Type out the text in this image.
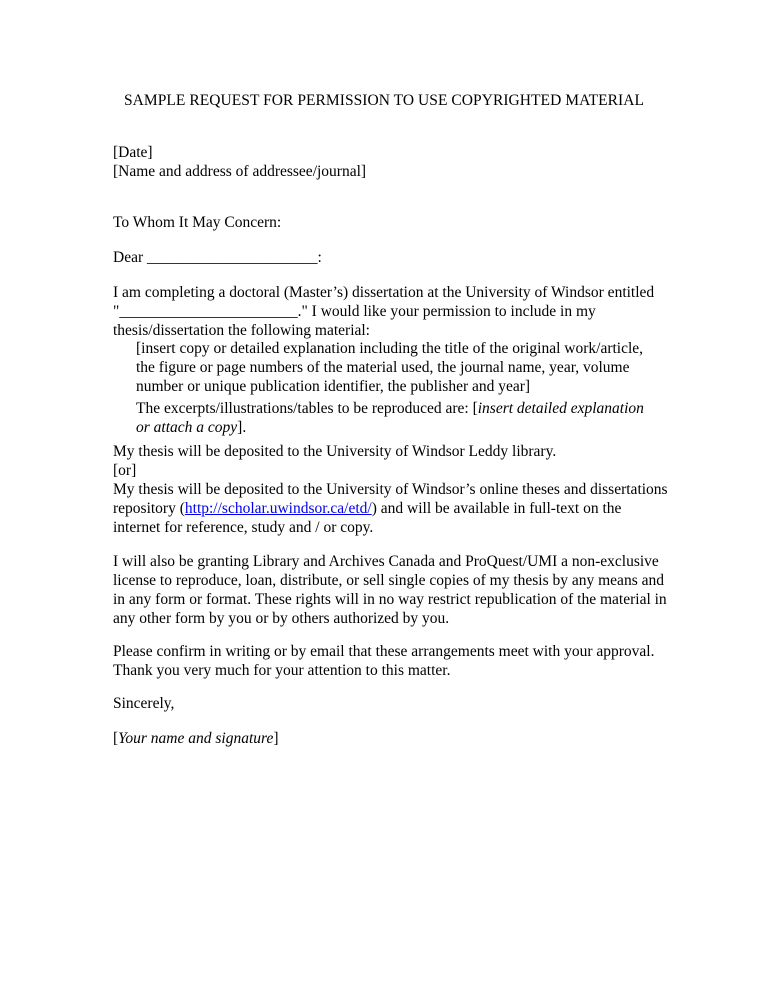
SAMPLE REQUEST FOR PERMISSION TO USE COPYRIGHTED MATERIAL
[Date]
[Name and address of addressee/journal]
To Whom It May Concern:
Dear ______________________:
I am completing a doctoral (Master’s) dissertation at the University of Windsor entitled
"_______________________." I would like your permission to include in my
thesis/dissertation the following material:
[insert copy or detailed explanation including the title of the original work/article,
the figure or page numbers of the material used, the journal name, year, volume
number or unique publication identifier, the publisher and year]
The excerpts/illustrations/tables to be reproduced are: [insert detailed explanation
or attach a copy].
My thesis will be deposited to the University of Windsor Leddy library.
[or]
My thesis will be deposited to the University of Windsor’s online theses and dissertations
repository (http://scholar.uwindsor.ca/etd/) and will be available in full-text on the
internet for reference, study and / or copy.
I will also be granting Library and Archives Canada and ProQuest/UMI a non-exclusive
license to reproduce, loan, distribute, or sell single copies of my thesis by any means and
in any form or format. These rights will in no way restrict republication of the material in
any other form by you or by others authorized by you.
Please confirm in writing or by email that these arrangements meet with your approval.
Thank you very much for your attention to this matter.
Sincerely,
[Your name and signature]
